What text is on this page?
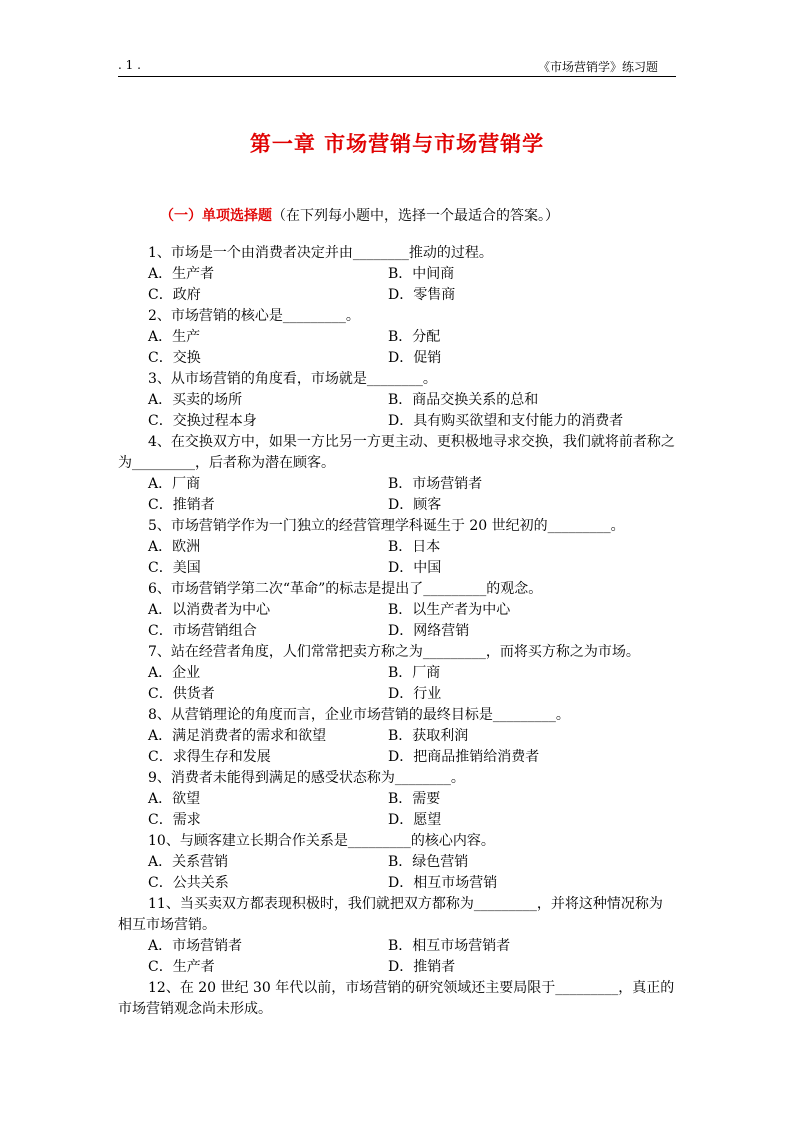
. 1 .	《市场营销学》练习题
第一章 市场营销与市场营销学
（一）单项选择题（在下列每小题中，选择一个最适合的答案。）
1、市场是一个由消费者决定并由________推动的过程。
A．生产者	B．中间商
C．政府	D．零售商
2、市场营销的核心是_________。
A．生产	B．分配
C．交换	D．促销
3、从市场营销的角度看，市场就是________。
A．买卖的场所	B．商品交换关系的总和
C．交换过程本身	D．具有购买欲望和支付能力的消费者
4、在交换双方中，如果一方比另一方更主动、更积极地寻求交换，我们就将前者称之为_________，后者称为潜在顾客。
A．厂商	B．市场营销者
C．推销者	D．顾客
5、市场营销学作为一门独立的经营管理学科诞生于 20 世纪初的_________。
A．欧洲	B．日本
C．美国	D．中国
6、市场营销学第二次“革命”的标志是提出了_________的观念。
A．以消费者为中心	B．以生产者为中心
C．市场营销组合	D．网络营销
7、站在经营者角度，人们常常把卖方称之为_________，而将买方称之为市场。
A．企业	B．厂商
C．供货者	D．行业
8、从营销理论的角度而言，企业市场营销的最终目标是_________。
A．满足消费者的需求和欲望	B．获取利润
C．求得生存和发展	D．把商品推销给消费者
9、消费者未能得到满足的感受状态称为________。
A．欲望	B．需要
C．需求	D．愿望
10、与顾客建立长期合作关系是_________的核心内容。
A．关系营销	B．绿色营销
C．公共关系	D．相互市场营销
11、当买卖双方都表现积极时，我们就把双方都称为_________，并将这种情况称为相互市场营销。
A．市场营销者	B．相互市场营销者
C．生产者	D．推销者
12、在 20 世纪 30 年代以前，市场营销的研究领域还主要局限于_________，真正的市场营销观念尚未形成。
